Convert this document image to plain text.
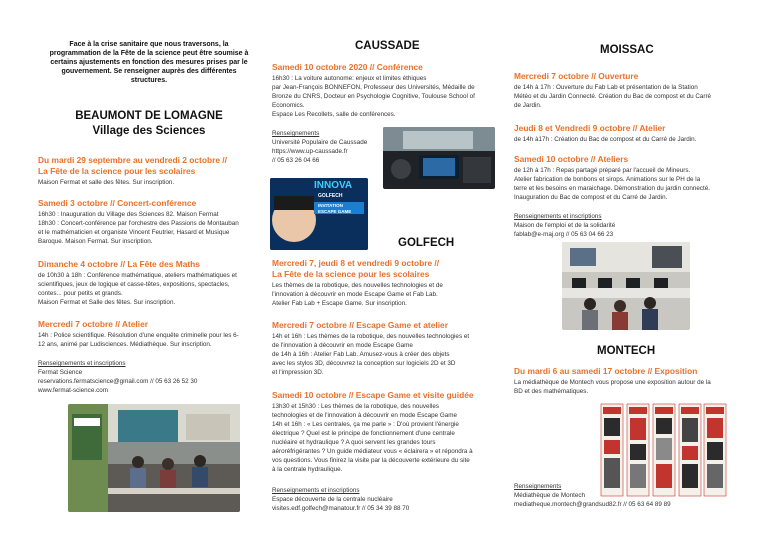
Face à la crise sanitaire que nous traversons, la

programmation de la Fête de la science peut être soumise à

certains ajustements en fonction des mesures prises par le

gouvernement. Se renseigner auprès des différentes

structures.

BEAUMONT DE LOMAGNE

Village des Sciences

Du mardi 29 septembre au vendredi 2 octobre //

La Fête de la science pour les scolaires

Maison Fermat et salle des fêtes. Sur inscription.

Samedi 3 octobre // Concert-conférence

16h30 : Inauguration du Village des Sciences 82. Maison Fermat

18h30 : Concert-conférence par l'orchestre des Passions de Montauban

et le mathématicien et organiste Vincent Feutrier, Hasard et Musique

Baroque. Maison Fermat. Sur inscription.

Dimanche 4 octobre // La Fête des Maths

de 10h30 à 18h : Conférence mathématique, ateliers mathématiques et

scientifiques, jeux de logique et casse-têtes, expositions, spectacles,

contes... pour petits et grands.

Maison Fermat et Salle des fêtes. Sur inscription.

Mercredi 7 octobre // Atelier

14h : Police scientifique. Résolution d'une enquête criminelle pour les 6-

12 ans, animé par Ludisciences. Médiathèque. Sur inscription.

Renseignements et inscriptions

Fermat Science

reservations.fermatscience@gmail.com // 05 63 26 52 30

www.fermat-science.com

CAUSSADE

Samedi 10 octobre 2020 // Conférence

16h30 : La voiture autonome: enjeux et limites éthiques

par Jean-François BONNEFON, Professeur des Universités, Médaille de

Bronze du CNRS, Docteur en Psychologie Cognitive, Toulouse School of

Economics.

Espace Les Recollets, salle de conférences.

Renseignements

Université Populaire de Caussade

https://www.up-caussade.fr

// 05 63 26 04 66

INNOVA
GOLFECH
INVITATION
ESCAPE GAME

GOLFECH

Mercredi 7, jeudi 8 et vendredi 9 octobre //

La Fête de la science pour les scolaires

Les thèmes de la robotique, des nouvelles technologies et de

l'innovation à découvrir en mode Escape Game et Fab Lab.

Atelier Fab Lab + Escape Game. Sur inscription.

Mercredi 7 octobre // Escape Game et atelier

14h et 16h : Les thèmes de la robotique, des nouvelles technologies et

de l'innovation à découvrir en mode Escape Game

de 14h à 16h : Atelier Fab Lab. Amusez-vous à créer des objets

avec les stylos 3D, découvrez la conception sur logiciels 2D et 3D

et l'impression 3D.

Samedi 10 octobre // Escape Game et visite guidée

13h30 et 15h30 : Les thèmes de la robotique, des nouvelles

technologies et de l'innovation à découvrir en mode Escape Game

14h et 16h : « Les centrales, ça me parle » : D'où provient l'énergie

électrique ? Quel est le principe de fonctionnement d'une centrale

nucléaire et hydraulique ? A quoi servent les grandes tours

aéroréfrigérantes ? Un guide médiateur vous « éclairera » et répondra à

vos questions. Vous finirez la visite par la découverte extérieure du site

à la centrale hydraulique.

Renseignements et inscriptions

Espace découverte de la centrale nucléaire

visites.edf.golfech@manatour.fr // 05 34 39 88 70

MOISSAC

Mercredi 7 octobre // Ouverture

de 14h à 17h : Ouverture du Fab Lab et présentation de la Station

Météo et du Jardin Connecté. Création du Bac de compost et du Carré

de Jardin.

Jeudi 8 et Vendredi 9 octobre // Atelier

de 14h à17h : Création du Bac de compost et du Carré de Jardin.

Samedi 10 octobre // Ateliers

de 12h à 17h : Repas partagé préparé par l'accueil de Mineurs.

Atelier fabrication de bonbons et sirops. Animations sur le PH de la

terre et les besoins en maraichage. Démonstration du jardin connecté.

Inauguration du Bac de compost et du Carré de Jardin.

Renseignements et inscriptions

Maison de l'emploi et de la solidarité

fablab@e-maj.org // 05 63 04 66 23

MONTECH

Du mardi 6 au samedi 17 octobre // Exposition

La médiathèque de Montech vous propose une exposition autour de la

BD et des mathématiques.

Renseignements

Médiathèque de Montech

mediatheque.montech@grandsud82.fr // 05 63 64 89 89
